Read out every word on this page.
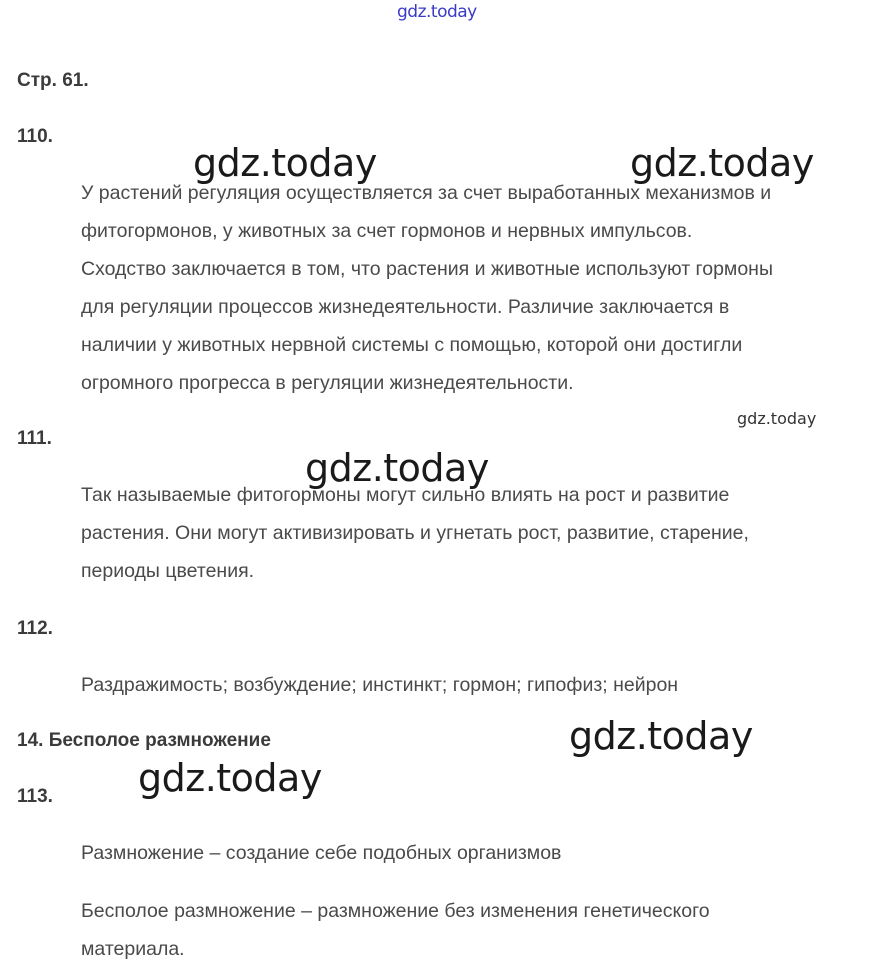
gdz.today
Стр. 61.
110.
У растений регуляция осуществляется за счет выработанных механизмов и
фитогормонов, у животных за счет гормонов и нервных импульсов.
Сходство заключается в том, что растения и животные используют гормоны
для регуляции процессов жизнедеятельности. Различие заключается в
наличии у животных нервной системы с помощью, которой они достигли
огромного прогресса в регуляции жизнедеятельности.
111.
Так называемые фитогормоны могут сильно влиять на рост и развитие
растения. Они могут активизировать и угнетать рост, развитие, старение,
периоды цветения.
112.
Раздражимость; возбуждение; инстинкт; гормон; гипофиз; нейрон
14. Бесполое размножение
113.
Размножение – создание себе подобных организмов
Бесполое размножение – размножение без изменения генетического
материала.
gdz.today	gdz.today
gdz.today
gdz.today
gdz.today
gdz.today
